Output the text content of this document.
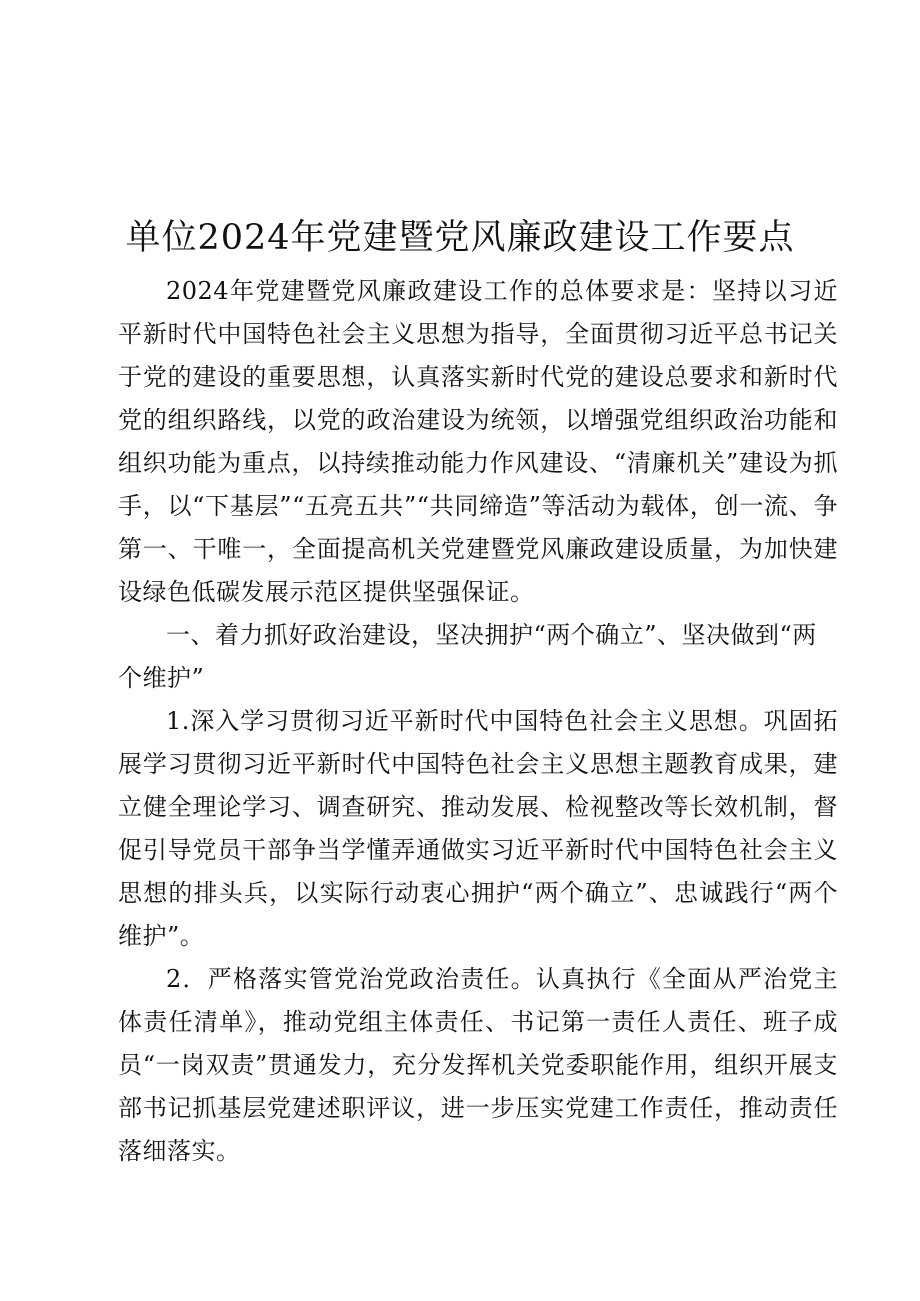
单位2024年党建暨党风廉政建设工作要点

2024年党建暨党风廉政建设工作的总体要求是：坚持以习近平新时代中国特色社会主义思想为指导，全面贯彻习近平总书记关于党的建设的重要思想，认真落实新时代党的建设总要求和新时代党的组织路线，以党的政治建设为统领，以增强党组织政治功能和组织功能为重点，以持续推动能力作风建设、“清廉机关”建设为抓手，以“下基层”“五亮五共”“共同缔造”等活动为载体，创一流、争第一、干唯一，全面提高机关党建暨党风廉政建设质量，为加快建设绿色低碳发展示范区提供坚强保证。

一、着力抓好政治建设，坚决拥护“两个确立”、坚决做到“两个维护”

1.深入学习贯彻习近平新时代中国特色社会主义思想。巩固拓展学习贯彻习近平新时代中国特色社会主义思想主题教育成果，建立健全理论学习、调查研究、推动发展、检视整改等长效机制，督促引导党员干部争当学懂弄通做实习近平新时代中国特色社会主义思想的排头兵，以实际行动衷心拥护“两个确立”、忠诚践行“两个维护”。

2．严格落实管党治党政治责任。认真执行《全面从严治党主体责任清单》，推动党组主体责任、书记第一责任人责任、班子成员“一岗双责”贯通发力，充分发挥机关党委职能作用，组织开展支部书记抓基层党建述职评议，进一步压实党建工作责任，推动责任落细落实。
